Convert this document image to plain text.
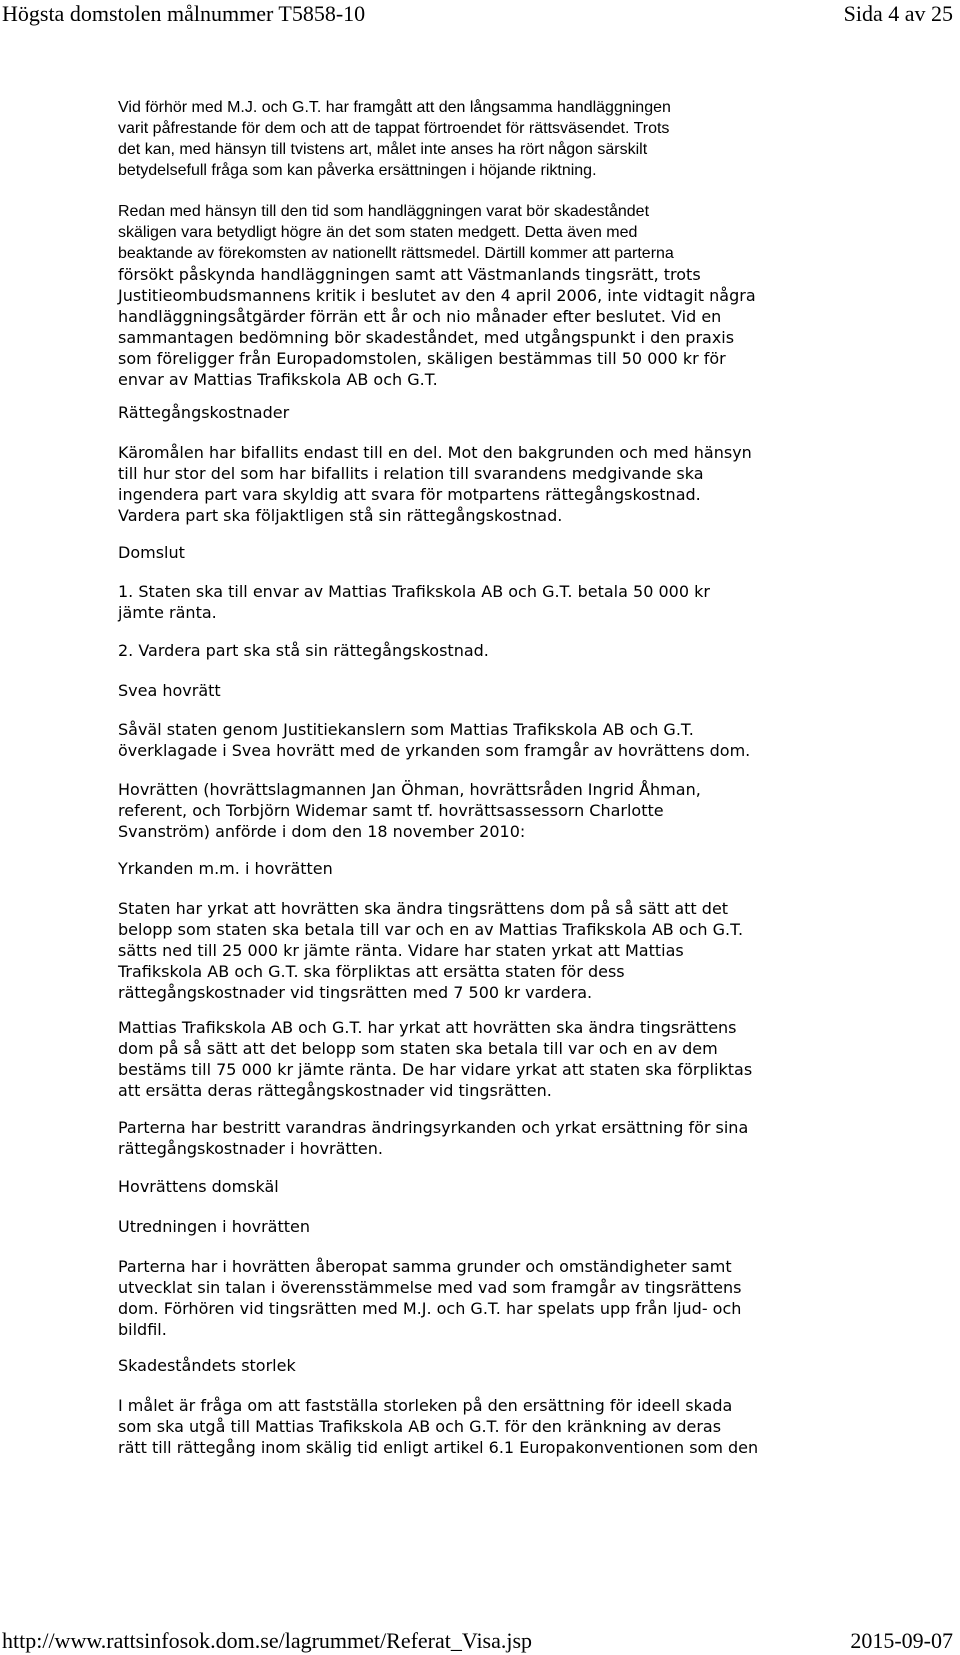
Högsta domstolen målnummer T5858-10	Sida 4 av 25
Vid förhör med M.J. och G.T. har framgått att den långsamma handläggningen
varit påfrestande för dem och att de tappat förtroendet för rättsväsendet. Trots
det kan, med hänsyn till tvistens art, målet inte anses ha rört någon särskilt
betydelsefull fråga som kan påverka ersättningen i höjande riktning.
Redan med hänsyn till den tid som handläggningen varat bör skadeståndet
skäligen vara betydligt högre än det som staten medgett. Detta även med
beaktande av förekomsten av nationellt rättsmedel. Därtill kommer att parterna
försökt påskynda handläggningen samt att Västmanlands tingsrätt, trots
Justitieombudsmannens kritik i beslutet av den 4 april 2006, inte vidtagit några
handläggningsåtgärder förrän ett år och nio månader efter beslutet. Vid en
sammantagen bedömning bör skadeståndet, med utgångspunkt i den praxis
som föreligger från Europadomstolen, skäligen bestämmas till 50 000 kr för
envar av Mattias Trafikskola AB och G.T.
Rättegångskostnader
Käromålen har bifallits endast till en del. Mot den bakgrunden och med hänsyn
till hur stor del som har bifallits i relation till svarandens medgivande ska
ingendera part vara skyldig att svara för motpartens rättegångskostnad.
Vardera part ska följaktligen stå sin rättegångskostnad.
Domslut
1. Staten ska till envar av Mattias Trafikskola AB och G.T. betala 50 000 kr
jämte ränta.
2. Vardera part ska stå sin rättegångskostnad.
Svea hovrätt
Såväl staten genom Justitiekanslern som Mattias Trafikskola AB och G.T.
överklagade i Svea hovrätt med de yrkanden som framgår av hovrättens dom.
Hovrätten (hovrättslagmannen Jan Öhman, hovrättsråden Ingrid Åhman,
referent, och Torbjörn Widemar samt tf. hovrättsassessorn Charlotte
Svanström) anförde i dom den 18 november 2010:
Yrkanden m.m. i hovrätten
Staten har yrkat att hovrätten ska ändra tingsrättens dom på så sätt att det
belopp som staten ska betala till var och en av Mattias Trafikskola AB och G.T.
sätts ned till 25 000 kr jämte ränta. Vidare har staten yrkat att Mattias
Trafikskola AB och G.T. ska förpliktas att ersätta staten för dess
rättegångskostnader vid tingsrätten med 7 500 kr vardera.
Mattias Trafikskola AB och G.T. har yrkat att hovrätten ska ändra tingsrättens
dom på så sätt att det belopp som staten ska betala till var och en av dem
bestäms till 75 000 kr jämte ränta. De har vidare yrkat att staten ska förpliktas
att ersätta deras rättegångskostnader vid tingsrätten.
Parterna har bestritt varandras ändringsyrkanden och yrkat ersättning för sina
rättegångskostnader i hovrätten.
Hovrättens domskäl
Utredningen i hovrätten
Parterna har i hovrätten åberopat samma grunder och omständigheter samt
utvecklat sin talan i överensstämmelse med vad som framgår av tingsrättens
dom. Förhören vid tingsrätten med M.J. och G.T. har spelats upp från ljud- och
bildfil.
Skadeståndets storlek
I målet är fråga om att fastställa storleken på den ersättning för ideell skada
som ska utgå till Mattias Trafikskola AB och G.T. för den kränkning av deras
rätt till rättegång inom skälig tid enligt artikel 6.1 Europakonventionen som den
http://www.rattsinfosok.dom.se/lagrummet/Referat_Visa.jsp	2015-09-07
